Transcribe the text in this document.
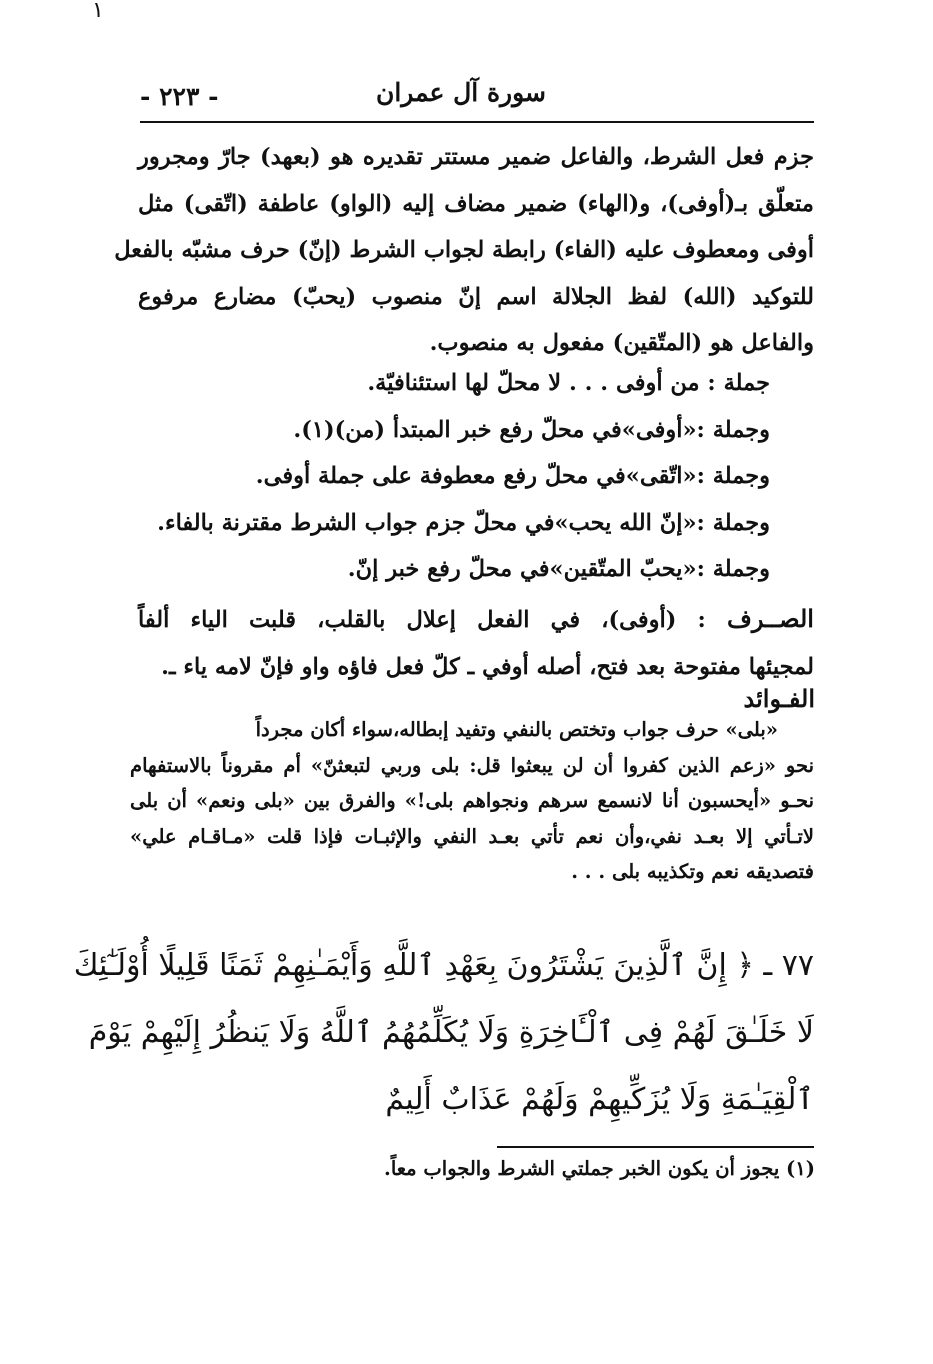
١
سورة آل عمران
- ٢٢٣ -
جزم فعل الشرط، والفاعل ضمير مستتر تقديره هو (بعهد) جارّ ومجرور
متعلّق بـ(أوفى)، و(الهاء) ضمير مضاف إليه (الواو) عاطفة (اتّقى) مثل
أوفى ومعطوف عليه (الفاء) رابطة لجواب الشرط (إنّ) حرف مشبّه بالفعل
للتوكيد (الله) لفظ الجلالة اسم إنّ منصوب (يحبّ) مضارع مرفوع
والفاعل هو (المتّقين) مفعول به منصوب.
جملة : من أوفى . . . لا محلّ لها استئنافيّة.
وجملة :«أوفى»في محلّ رفع خبر المبتدأ (من)(١).
وجملة :«اتّقى»في محلّ رفع معطوفة على جملة أوفى.
وجملة :«إنّ الله يحب»في محلّ جزم جواب الشرط مقترنة بالفاء.
وجملة :«يحبّ المتّقين»في محلّ رفع خبر إنّ.
الصــرف : (أوفى)، في الفعل إعلال بالقلب، قلبت الياء ألفاً
لمجيئها مفتوحة بعد فتح، أصله أوفي ـ كلّ فعل فاؤه واو فإنّ لامه ياء ـ.
الفـوائد
«بلى» حرف جواب وتختص بالنفي وتفيد إبطاله،سواء أكان مجرداً
نحو «زعم الذين كفروا أن لن يبعثوا قل: بلى وربي لتبعثنّ» أم مقروناً بالاستفهام
نحـو «أيحسبون أنا لانسمع سرهم ونجواهم بلى!» والفرق بين «بلى ونعم» أن بلى
لاتـأتي إلا بعـد نفي،وأن نعم تأتي بعـد النفي والإثبـات فإذا قلت «مـاقـام علي»
فتصديقه نعم وتكذيبه بلى . . .
٧٧ ـ ﴿ إِنَّ ٱلَّذِينَ يَشْتَرُونَ بِعَهْدِ ٱللَّهِ وَأَيْمَـٰنِهِمْ ثَمَنًا قَلِيلًا أُوْلَـٰٓئِكَ
لَا خَلَـٰقَ لَهُمْ فِى ٱلْـَٔاخِرَةِ وَلَا يُكَلِّمُهُمُ ٱللَّهُ وَلَا يَنظُرُ إِلَيْهِمْ يَوْمَ
ٱلْقِيَـٰمَةِ وَلَا يُزَكِّيهِمْ وَلَهُمْ عَذَابٌ أَلِيمٌ
(١) يجوز أن يكون الخبر جملتي الشرط والجواب معاً.
